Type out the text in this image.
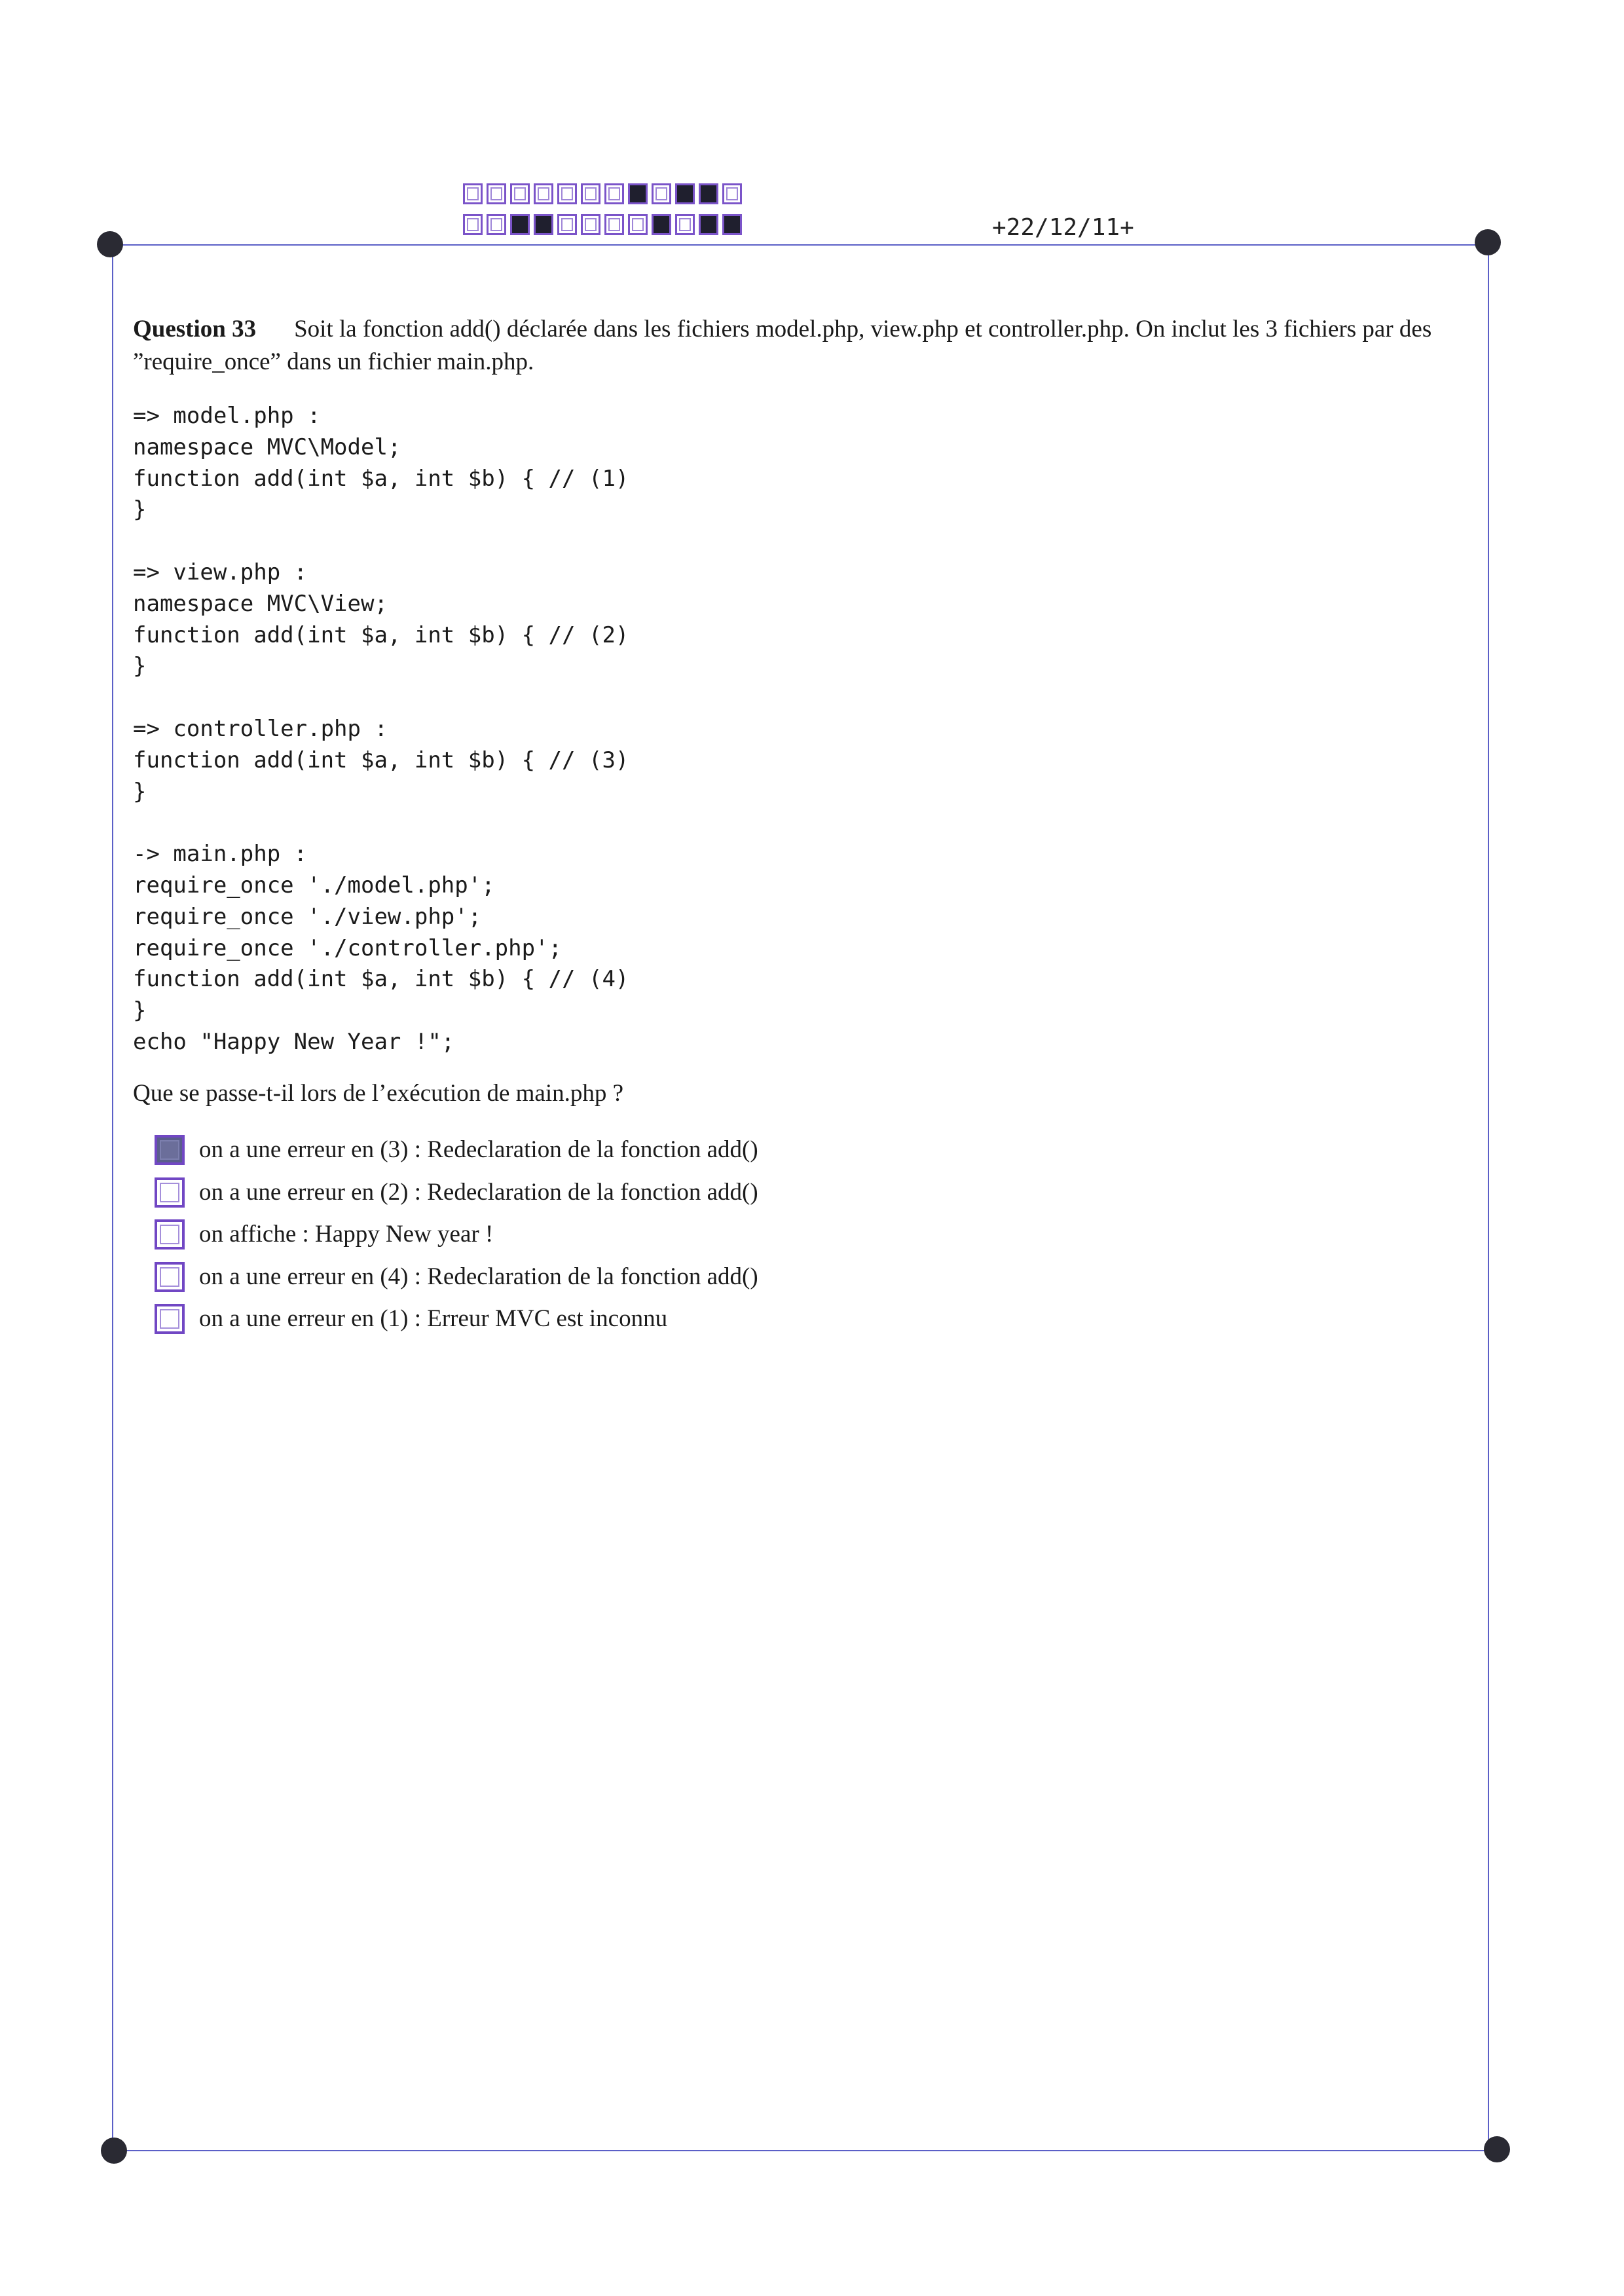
+22/12/11+
Question 33 Soit la fonction add() déclarée dans les fichiers model.php, view.php et controller.php. On inclut les 3 fichiers par des ”require_once” dans un fichier main.php.
=> model.php :
namespace MVC\Model;
function add(int $a, int $b) { // (1)
}

=> view.php :
namespace MVC\View;
function add(int $a, int $b) { // (2)
}

=> controller.php :
function add(int $a, int $b) { // (3)
}

-> main.php :
require_once './model.php';
require_once './view.php';
require_once './controller.php';
function add(int $a, int $b) { // (4)
}
echo "Happy New Year !";
Que se passe-t-il lors de l’exécution de main.php ?
on a une erreur en (3) : Redeclaration de la fonction add()
on a une erreur en (2) : Redeclaration de la fonction add()
on affiche : Happy New year !
on a une erreur en (4) : Redeclaration de la fonction add()
on a une erreur en (1) : Erreur MVC est inconnu
